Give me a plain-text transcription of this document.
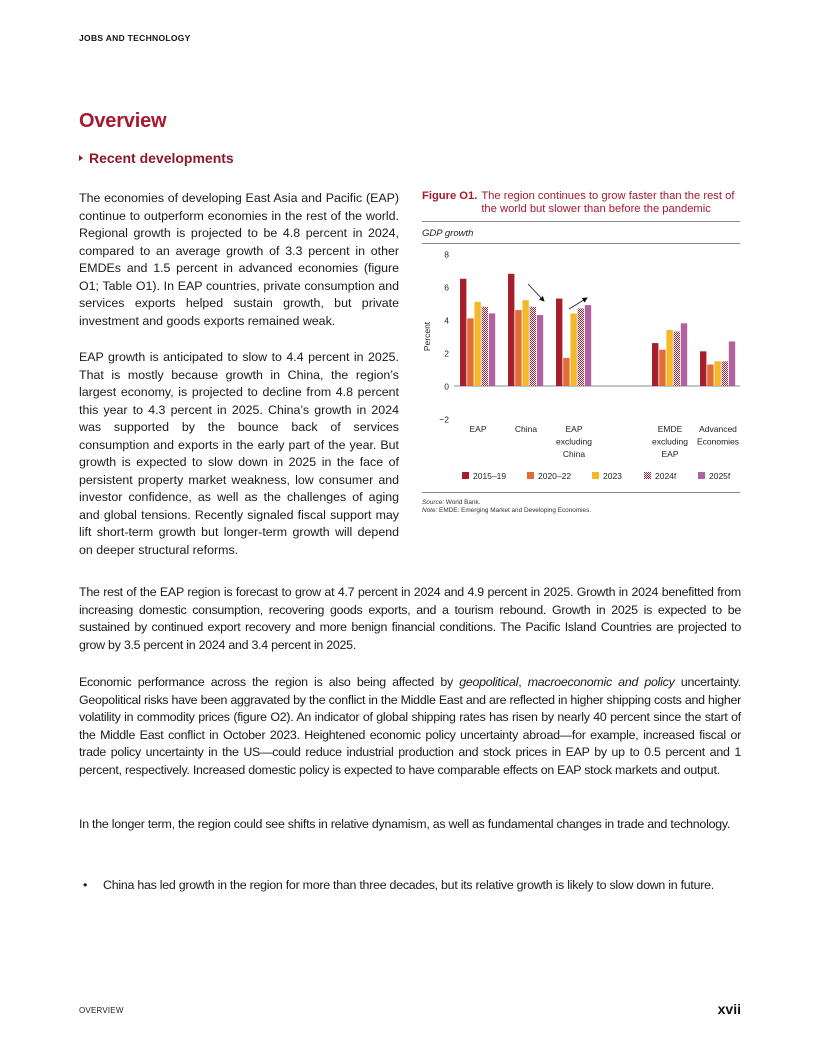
JOBS AND TECHNOLOGY
Overview
Recent developments

The economies of developing East Asia and Pacific (EAP) continue to outperform economies in the rest of the world. Regional growth is projected to be 4.8 percent in 2024, compared to an average growth of 3.3 percent in other EMDEs and 1.5 percent in advanced economies (figure O1; Table O1). In EAP countries, private consumption and services exports helped sustain growth, but private investment and goods exports remained weak.

EAP growth is anticipated to slow to 4.4 percent in 2025. That is mostly because growth in China, the region’s largest economy, is projected to decline from 4.8 percent this year to 4.3 percent in 2025. China’s growth in 2024 was supported by the bounce back of services consumption and exports in the early part of the year. But growth is expected to slow down in 2025 in the face of persistent property market weakness, low consumer and investor confidence, as well as the challenges of aging and global tensions. Recently signaled fiscal support may lift short-term growth but longer-term growth will depend on deeper structural reforms.

Figure O1. The region continues to grow faster than the rest of the world but slower than before the pandemic
GDP growth
−2
0
2
4
6
8
Percent
EAP	China	EAP
excluding
China
EMDE
excluding
EAP
Advanced
Economies
2015–19	2020–22	2023	2024f	2025f
Source: World Bank.
Note: EMDE: Emerging Market and Developing Economies.

The rest of the EAP region is forecast to grow at 4.7 percent in 2024 and 4.9 percent in 2025. Growth in 2024 benefitted from increasing domestic consumption, recovering goods exports, and a tourism rebound. Growth in 2025 is expected to be sustained by continued export recovery and more benign financial conditions. The Pacific Island Countries are projected to grow by 3.5 percent in 2024 and 3.4 percent in 2025.

Economic performance across the region is also being affected by geopolitical, macroeconomic and policy uncertainty. Geopolitical risks have been aggravated by the conflict in the Middle East and are reflected in higher shipping costs and higher volatility in commodity prices (figure O2). An indicator of global shipping rates has risen by nearly 40 percent since the start of the Middle East conflict in October 2023. Heightened economic policy uncertainty abroad—for example, increased fiscal or trade policy uncertainty in the US—could reduce industrial production and stock prices in EAP by up to 0.5 percent and 1 percent, respectively. Increased domestic policy is expected to have comparable effects on EAP stock markets and output.

In the longer term, the region could see shifts in relative dynamism, as well as fundamental changes in trade and technology.

• China has led growth in the region for more than three decades, but its relative growth is likely to slow down in future.
OVERVIEW	xvii
